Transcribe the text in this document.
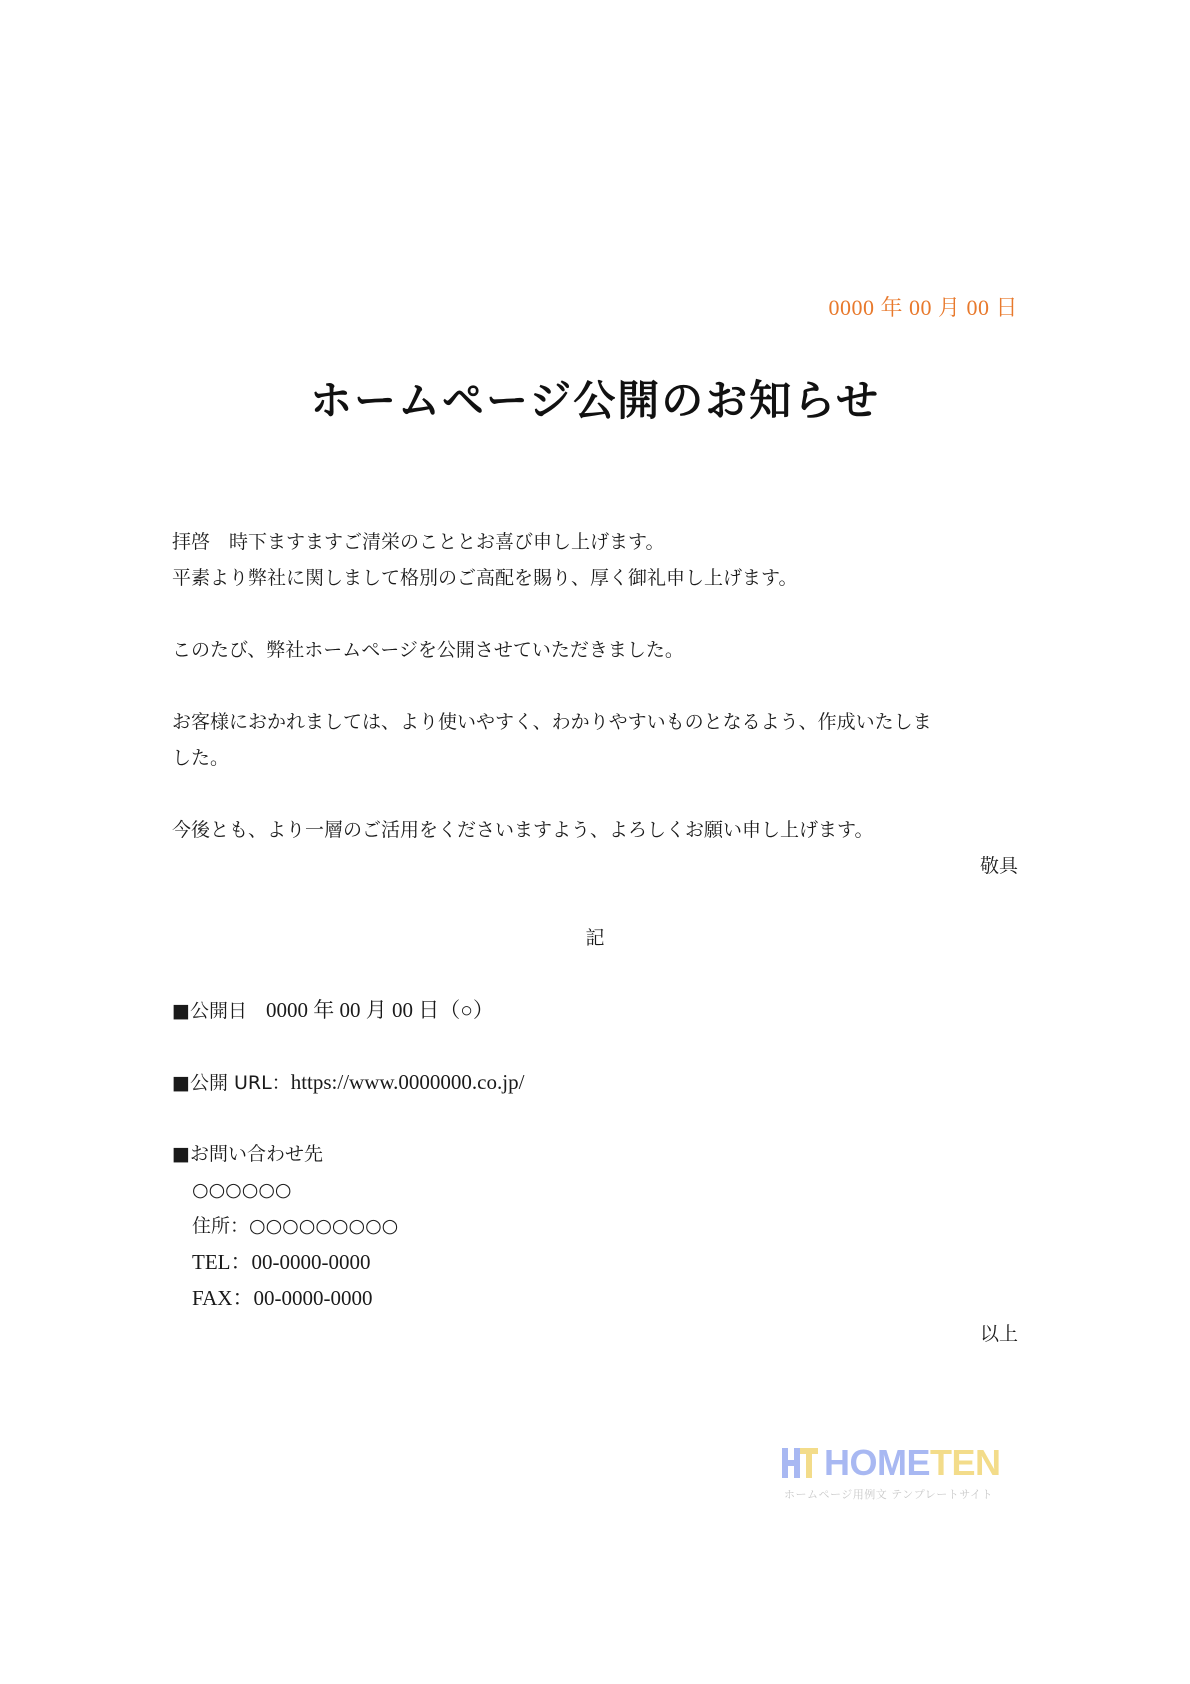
0000 年 00 月 00 日
ホームページ公開のお知らせ
拝啓　時下ますますご清栄のこととお喜び申し上げます。
平素より弊社に関しまして格別のご高配を賜り、厚く御礼申し上げます。
このたび、弊社ホームページを公開させていただきました。
お客様におかれましては、より使いやすく、わかりやすいものとなるよう、作成いたしま
した。
今後とも、より一層のご活用をくださいますよう、よろしくお願い申し上げます。
敬具
記
■公開日　 0000 年 00 月 00 日（○）
■公開 URL：https://www.0000000.co.jp/
■お問い合わせ先
○○○○○○
住所：○○○○○○○○○
TEL：00-0000-0000
FAX：00-0000-0000
以上
HOMETEN
ホームページ用例文 テンプレートサイト
